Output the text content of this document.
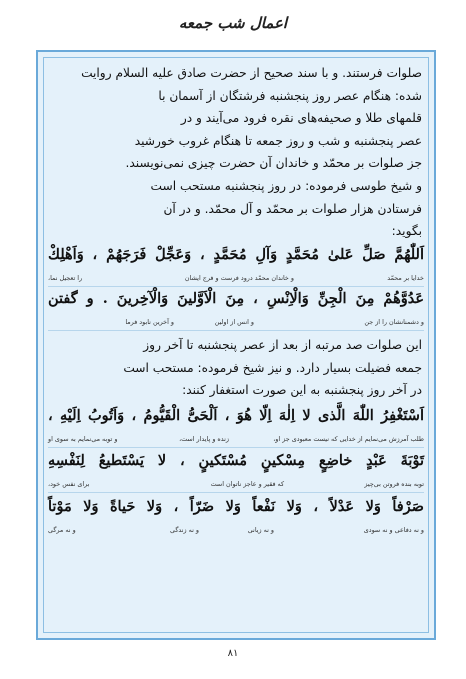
اعمال شب جمعه

صلوات فرستند. و با سند صحیح از حضرت صادق علیه السلام روایت

شده: هنگام عصر روز پنجشنبه فرشتگان از آسمان با

قلمهای طلا و صحیفه‌های نقره فرود می‌آیند و در

عصر پنجشنبه و شب و روز جمعه تا هنگام غروب خورشید

جز صلوات بر محمّد و خاندان آن حضرت چیزی نمی‌نویسند.

و شیخ طوسی فرموده: در روز پنجشنبه مستحب است

فرستادن هزار صلوات بر محمّد و آل محمّد. و در آن

بگوید:

اَللّٰهُمَّ صَلِّ عَلىٰ مُحَمَّدٍ وَآلِ مُحَمَّدٍ ، وَعَجِّلْ فَرَجَهُمْ ، وَاَهْلِكْ
خدایا بر محمّد
و خاندان محمّد درود فرست و فرج ایشان
را تعجیل نما،
عَدُوَّهُمْ مِنَ الْجِنِّ وَالْاِنْسِ ، مِنَ الْاَوَّلينَ وَالْآخِرينَ . و گفتن
و دشمنانشان را از جن
و انس از اولین
و آخرین نابود فرما

این صلوات صد مرتبه از بعد از عصر پنجشنبه تا آخر روز

جمعه فضیلت بسیار دارد. و نیز شیخ فرموده: مستحب است

در آخر روز پنجشنبه به این صورت استغفار کنند:

اَسْتَغْفِرُ اللّٰهَ الَّذى لا اِلٰهَ اِلّا هُوَ ، اَلْحَىُّ الْقَيُّومُ ، وَاَتُوبُ اِلَيْهِ ،
طلب آمرزش می‌نمایم از خدایی که نیست معبودی جز او،
زنده و پایدار است،
و توبه می‌نمایم به سوی او
تَوْبَةَ عَبْدٍ خاضِعٍ مِسْكينٍ مُسْتَكينٍ ، لا يَسْتَطيعُ لِنَفْسِهِ
توبه بنده فروتن بی‌چیز
که فقیر و عاجز ناتوان است
برای نفس خود،
صَرْفاً وَلا عَدْلاً ، وَلا نَفْعاً وَلا ضَرّاً ، وَلا حَياةً وَلا مَوْتاً
و نه دفاعی و نه سودی
و نه زیانی
و نه زندگی
و نه مرگی
۸۱
